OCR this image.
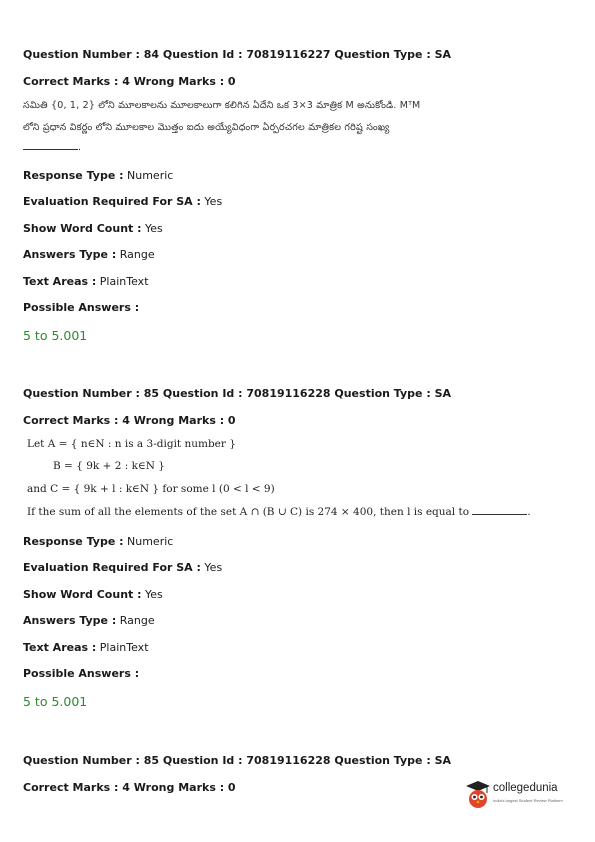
Question Number : 84 Question Id : 70819116227 Question Type : SA
Correct Marks : 4 Wrong Marks : 0
సమితి {0, 1, 2} లోని మూలకాలను మూలకాలుగా కలిగిన ఏదేని ఒక 3×3 మాత్రిక M అనుకోండి. MᵀM
లోని ప్రధాన వికర్ణం లోని మూలకాల మొత్తం ఐదు అయ్యేవిధంగా ఏర్పరచగల మాత్రికల గరిష్ట సంఖ్య
.
Response Type : Numeric
Evaluation Required For SA : Yes
Show Word Count : Yes
Answers Type : Range
Text Areas : PlainText
Possible Answers :
5 to 5.001
Question Number : 85 Question Id : 70819116228 Question Type : SA
Correct Marks : 4 Wrong Marks : 0
Let A = { n∈N : n is a 3-digit number }
B = { 9k + 2 : k∈N }
and C = { 9k + l : k∈N } for some l (0 < l < 9)
If the sum of all the elements of the set A ∩ (B ∪ C) is 274 × 400, then l is equal to	.
Response Type : Numeric
Evaluation Required For SA : Yes
Show Word Count : Yes
Answers Type : Range
Text Areas : PlainText
Possible Answers :
5 to 5.001
Question Number : 85 Question Id : 70819116228 Question Type : SA
Correct Marks : 4 Wrong Marks : 0	collegedunia
India's largest Student Review Platform
